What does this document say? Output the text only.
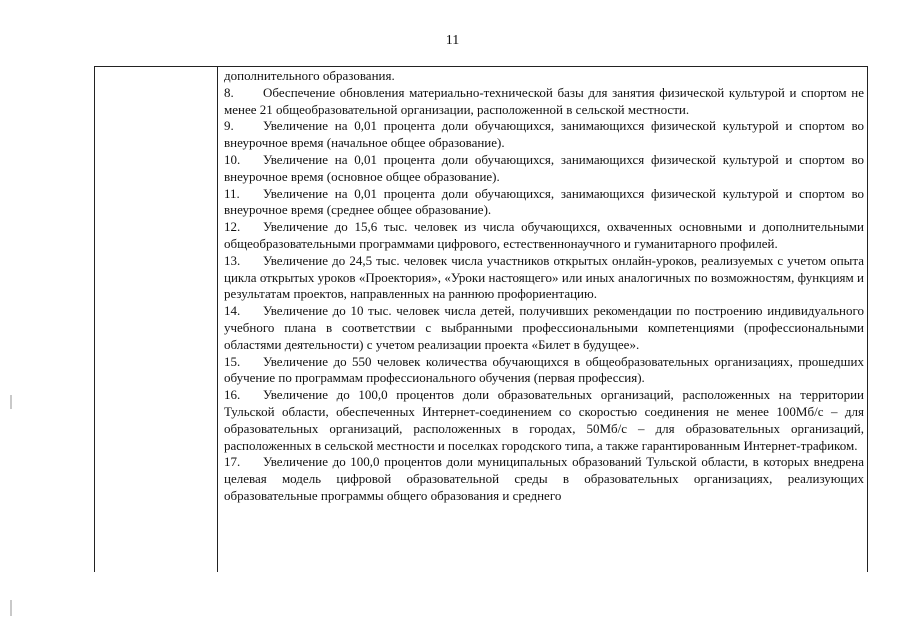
11

дополнительного образования.

8. Обеспечение обновления материально-технической базы для занятия физической культурой и спортом не менее 21 общеобразовательной организации, расположенной в сельской местности.

9. Увеличение на 0,01 процента доли обучающихся, занимающихся физической культурой и спортом во внеурочное время (начальное общее образование).

10. Увеличение на 0,01 процента доли обучающихся, занимающихся физической культурой и спортом во внеурочное время (основное общее образование).

11. Увеличение на 0,01 процента доли обучающихся, занимающихся физической культурой и спортом во внеурочное время (среднее общее образование).

12. Увеличение до 15,6 тыс. человек из числа обучающихся, охваченных основными и дополнительными общеобразовательными программами цифрового, естественнонаучного и гуманитарного профилей.

13. Увеличение до 24,5 тыс. человек числа участников открытых онлайн-уроков, реализуемых с учетом опыта цикла открытых уроков «Проектория», «Уроки настоящего» или иных аналогичных по возможностям, функциям и результатам проектов, направленных на раннюю профориентацию.

14. Увеличение до 10 тыс. человек числа детей, получивших рекомендации по построению индивидуального учебного плана в соответствии с выбранными профессиональными компетенциями (профессиональными областями деятельности) с учетом реализации проекта «Билет в будущее».

15. Увеличение до 550 человек количества обучающихся в общеобразовательных организациях, прошедших обучение по программам профессионального обучения (первая профессия).

16. Увеличение до 100,0 процентов доли образовательных организаций, расположенных на территории Тульской области, обеспеченных Интернет-соединением со скоростью соединения не менее 100Мб/с – для образовательных организаций, расположенных в городах, 50Мб/с – для образовательных организаций, расположенных в сельской местности и поселках городского типа, а также гарантированным Интернет-трафиком.

17. Увеличение до 100,0 процентов доли муниципальных образований Тульской области, в которых внедрена целевая модель цифровой образовательной среды в образовательных организациях, реализующих образовательные программы общего образования и среднего
